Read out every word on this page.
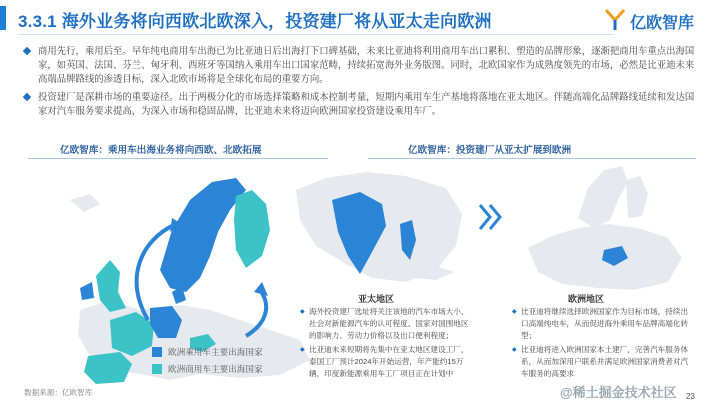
3.3.1 海外业务将向西欧北欧深入，投资建厂将从亚太走向欧洲	亿欧智库
商用先行，乘用后至。早年纯电商用车出海已为比亚迪日后出海打下口碑基础，未来比亚迪将利用商用车出口累积、塑造的品牌形象，逐渐把商用车重点出海国家，如英国、法国、芬兰、匈牙利、西班牙等国纳入乘用车出口国家范畴，持续拓宽海外业务版图。同时，北欧国家作为成熟度领先的市场，必然是比亚迪未来高端品牌路线的渗透目标，深入北欧市场将是全球化布局的重要方向。
投资建厂是深耕市场的重要途径。出于两极分化的市场选择策略和成本控制考量，短期内乘用车生产基地将落地在亚太地区。伴随高端化品牌路线延续和发达国家对汽车服务要求提高，为深入市场和稳固品牌，比亚迪未来将迈向欧洲国家投资建设乘用车厂。
亿欧智库：乘用车出海业务将向西欧、北欧拓展
欧洲乘用车主要出海国家
欧洲商用车主要出海国家
亿欧智库：投资建厂从亚太扩展到欧洲
亚太地区
◆ 海外投资建厂选址将关注该地的汽车市场大小、社会对新能源汽车的认可程度、国家对国围地区的影响力、劳动力价格以及出口便利程度；
◆ 比亚迪未来短期将先集中在亚太地区建设工厂，泰国工厂预计2024年开始运营，年产能约15万辆，印度新能源乘用车工厂项目正在计划中
欧洲地区
◆ 比亚迪将继续选择欧洲国家作为目标市场，持续出口高端纯电车，从而促进海外乘用车品牌高端化转型；
◆ 比亚迪将进入欧洲国家本土建厂，完善汽车服务体系，从而加深用户联系并满足欧洲国家消费者对汽车服务的高要求
数据来源：亿欧智库	@稀土掘金技术社区 23
